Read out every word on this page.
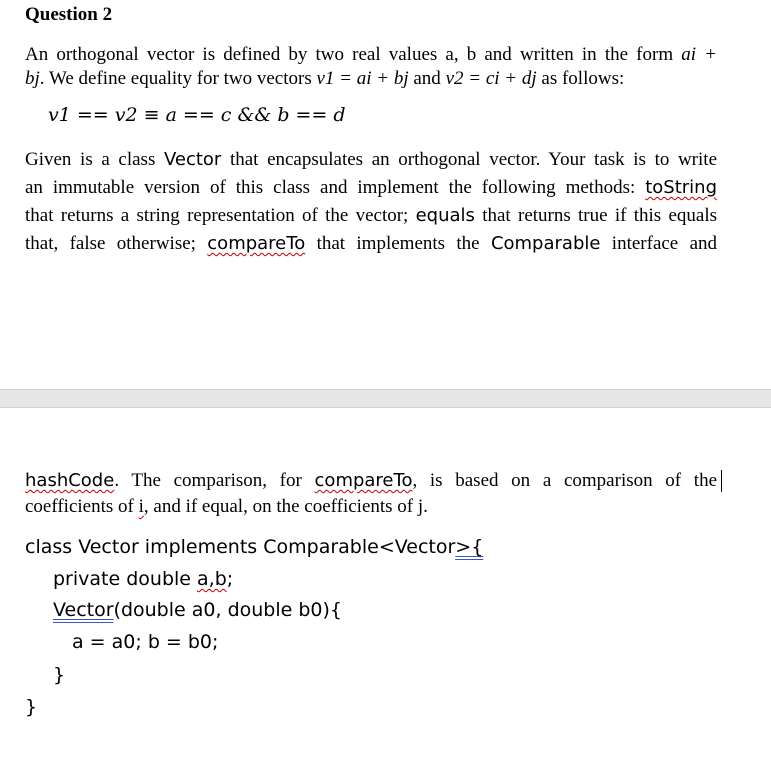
Question 2
An orthogonal vector is defined by two real values a, b and written in the form ai +
bj. We define equality for two vectors v1 = ai + bj and v2 = ci + dj as follows:
v1 == v2 ≡ a == c && b == d
Given is a class Vector that encapsulates an orthogonal vector. Your task is to write
an immutable version of this class and implement the following methods: toString
that returns a string representation of the vector; equals that returns true if this equals
that, false otherwise; compareTo that implements the Comparable interface and
hashCode. The comparison, for compareTo, is based on a comparison of the
coefficients of i, and if equal, on the coefficients of j.
class Vector implements Comparable<Vector>{
private double a,b;
Vector(double a0, double b0){
a = a0; b = b0;
}
}
